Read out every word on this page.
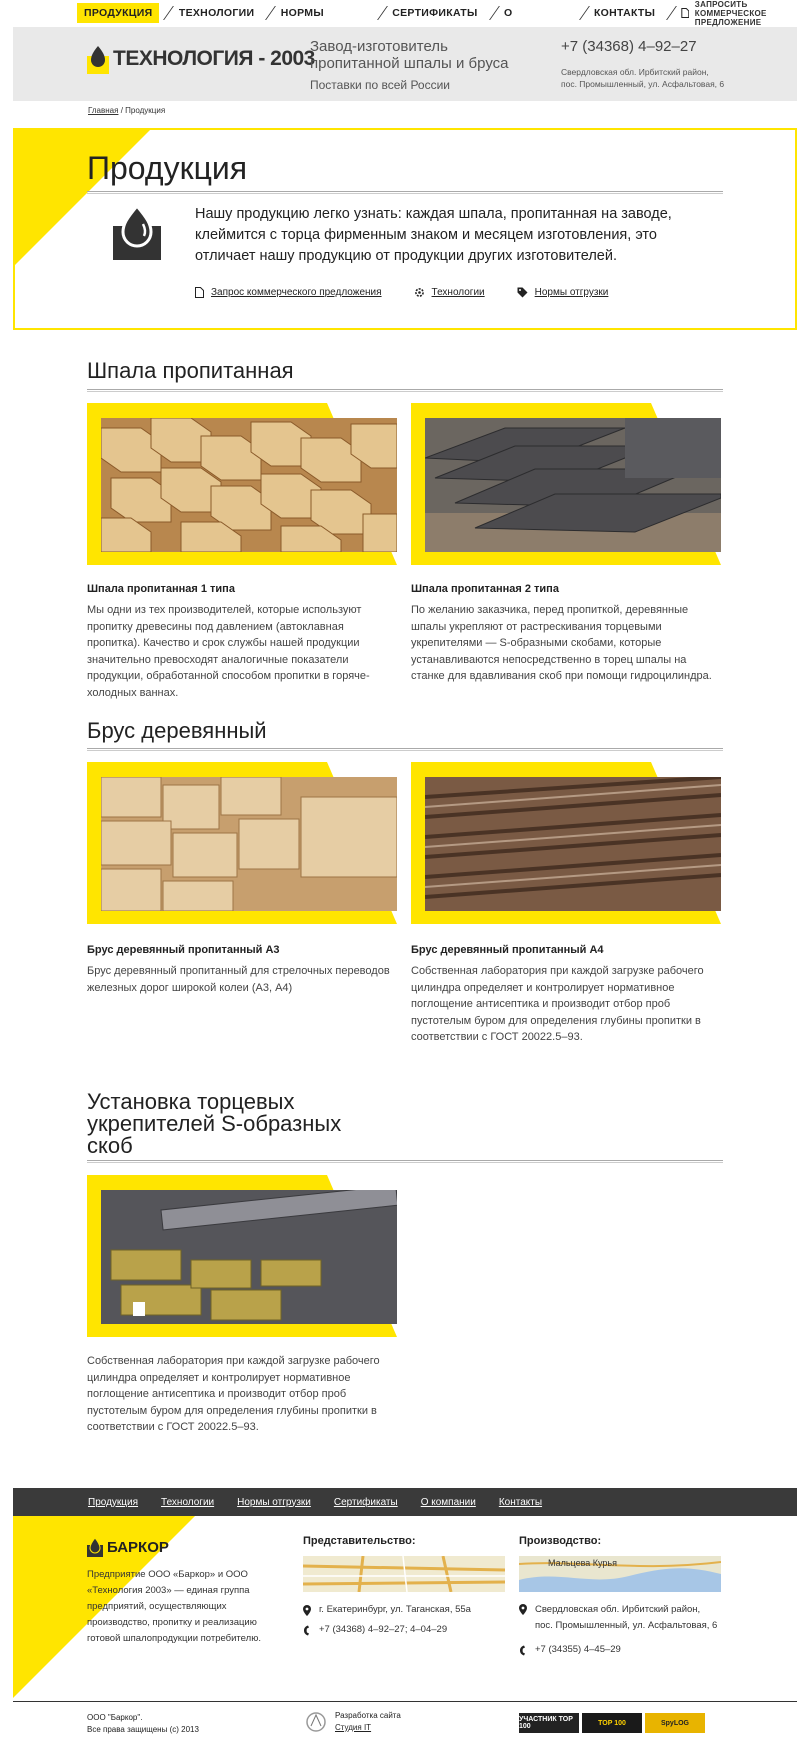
ПРОДУКЦИЯ	ТЕХНОЛОГИИ	НОРМЫ	СЕРТИФИКАТЫ	О	КОНТАКТЫ
ЗАПРОСИТЬ
КОММЕРЧЕСКОЕ ПРЕДЛОЖЕНИЕ
ТЕХНОЛОГИЯ - 2003
Завод-изготовитель пропитанной шпалы и бруса
Поставки по всей России
+7 (34368) 4–92–27
Свердловская обл. Ирбитский район,
пос. Промышленный, ул. Асфальтовая, 6
Главная / Продукция
Продукция
Нашу продукцию легко узнать: каждая шпала, пропитанная на заводе, клеймится с торца фирменным знаком и месяцем изготовления, это отличает нашу продукцию от продукции других изготовителей.
Запрос коммерческого предложения	Технологии	Нормы отгрузки
Шпала пропитанная
Шпала пропитанная 1 типа
Мы одни из тех производителей, которые используют пропитку древесины под давлением (автоклавная пропитка). Качество и срок службы нашей продукции значительно превосходят аналогичные показатели продукции, обработанной способом пропитки в горяче-холодных ваннах.
Шпала пропитанная 2 типа
По желанию заказчика, перед пропиткой, деревянные шпалы укрепляют от растрескивания торцевыми укрепителями — S-образными скобами, которые устанавливаются непосредственно в торец шпалы на станке для вдавливания скоб при помощи гидроцилиндра.
Брус деревянный
Брус деревянный пропитанный А3
Брус деревянный пропитанный для стрелочных переводов железных дорог широкой колеи (А3, А4)
Брус деревянный пропитанный А4
Собственная лаборатория при каждой загрузке рабочего цилиндра определяет и контролирует нормативное поглощение антисептика и производит отбор проб пустотелым буром для определения глубины пропитки в соответствии с ГОСТ 20022.5–93.
Установка торцевых укрепителей S-образных скоб
Собственная лаборатория при каждой загрузке рабочего цилиндра определяет и контролирует нормативное поглощение антисептика и производит отбор проб пустотелым буром для определения глубины пропитки в соответствии с ГОСТ 20022.5–93.
Продукция Технологии Нормы отгрузки Сертификаты О компании Контакты
БАРКОР
Предприятие ООО «Баркор» и ООО «Технология 2003» — единая группа предприятий, осуществляющих производство, пропитку и реализацию готовой шпалопродукции потребителю.
Представительство:
г. Екатеринбург, ул. Таганская, 55а
+7 (34368) 4–92–27; 4–04–29
Производство:
Мальцева Курья
Свердловская обл. Ирбитский район,
пос. Промышленный, ул. Асфальтовая, 6
+7 (34355) 4–45–29
ООО "Баркор".
Все права защищены (c) 2013
Разработка сайта
Студия IT
УЧАСТНИК TOP 100	TOP 100	SpyLOG
